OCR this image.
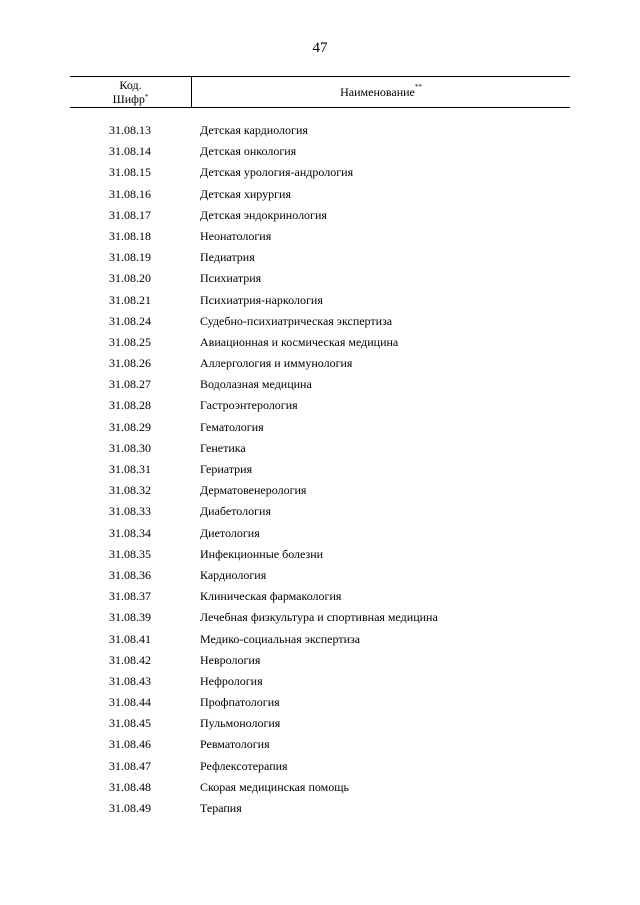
47
Код.
Шифр*	Наименование**
31.08.13	Детская кардиология
31.08.14	Детская онкология
31.08.15	Детская урология-андрология
31.08.16	Детская хирургия
31.08.17	Детская эндокринология
31.08.18	Неонатология
31.08.19	Педиатрия
31.08.20	Психиатрия
31.08.21	Психиатрия-наркология
31.08.24	Судебно-психиатрическая экспертиза
31.08.25	Авиационная и космическая медицина
31.08.26	Аллергология и иммунология
31.08.27	Водолазная медицина
31.08.28	Гастроэнтерология
31.08.29	Гематология
31.08.30	Генетика
31.08.31	Гериатрия
31.08.32	Дерматовенерология
31.08.33	Диабетология
31.08.34	Диетология
31.08.35	Инфекционные болезни
31.08.36	Кардиология
31.08.37	Клиническая фармакология
31.08.39	Лечебная физкультура и спортивная медицина
31.08.41	Медико-социальная экспертиза
31.08.42	Неврология
31.08.43	Нефрология
31.08.44	Профпатология
31.08.45	Пульмонология
31.08.46	Ревматология
31.08.47	Рефлексотерапия
31.08.48	Скорая медицинская помощь
31.08.49	Терапия
